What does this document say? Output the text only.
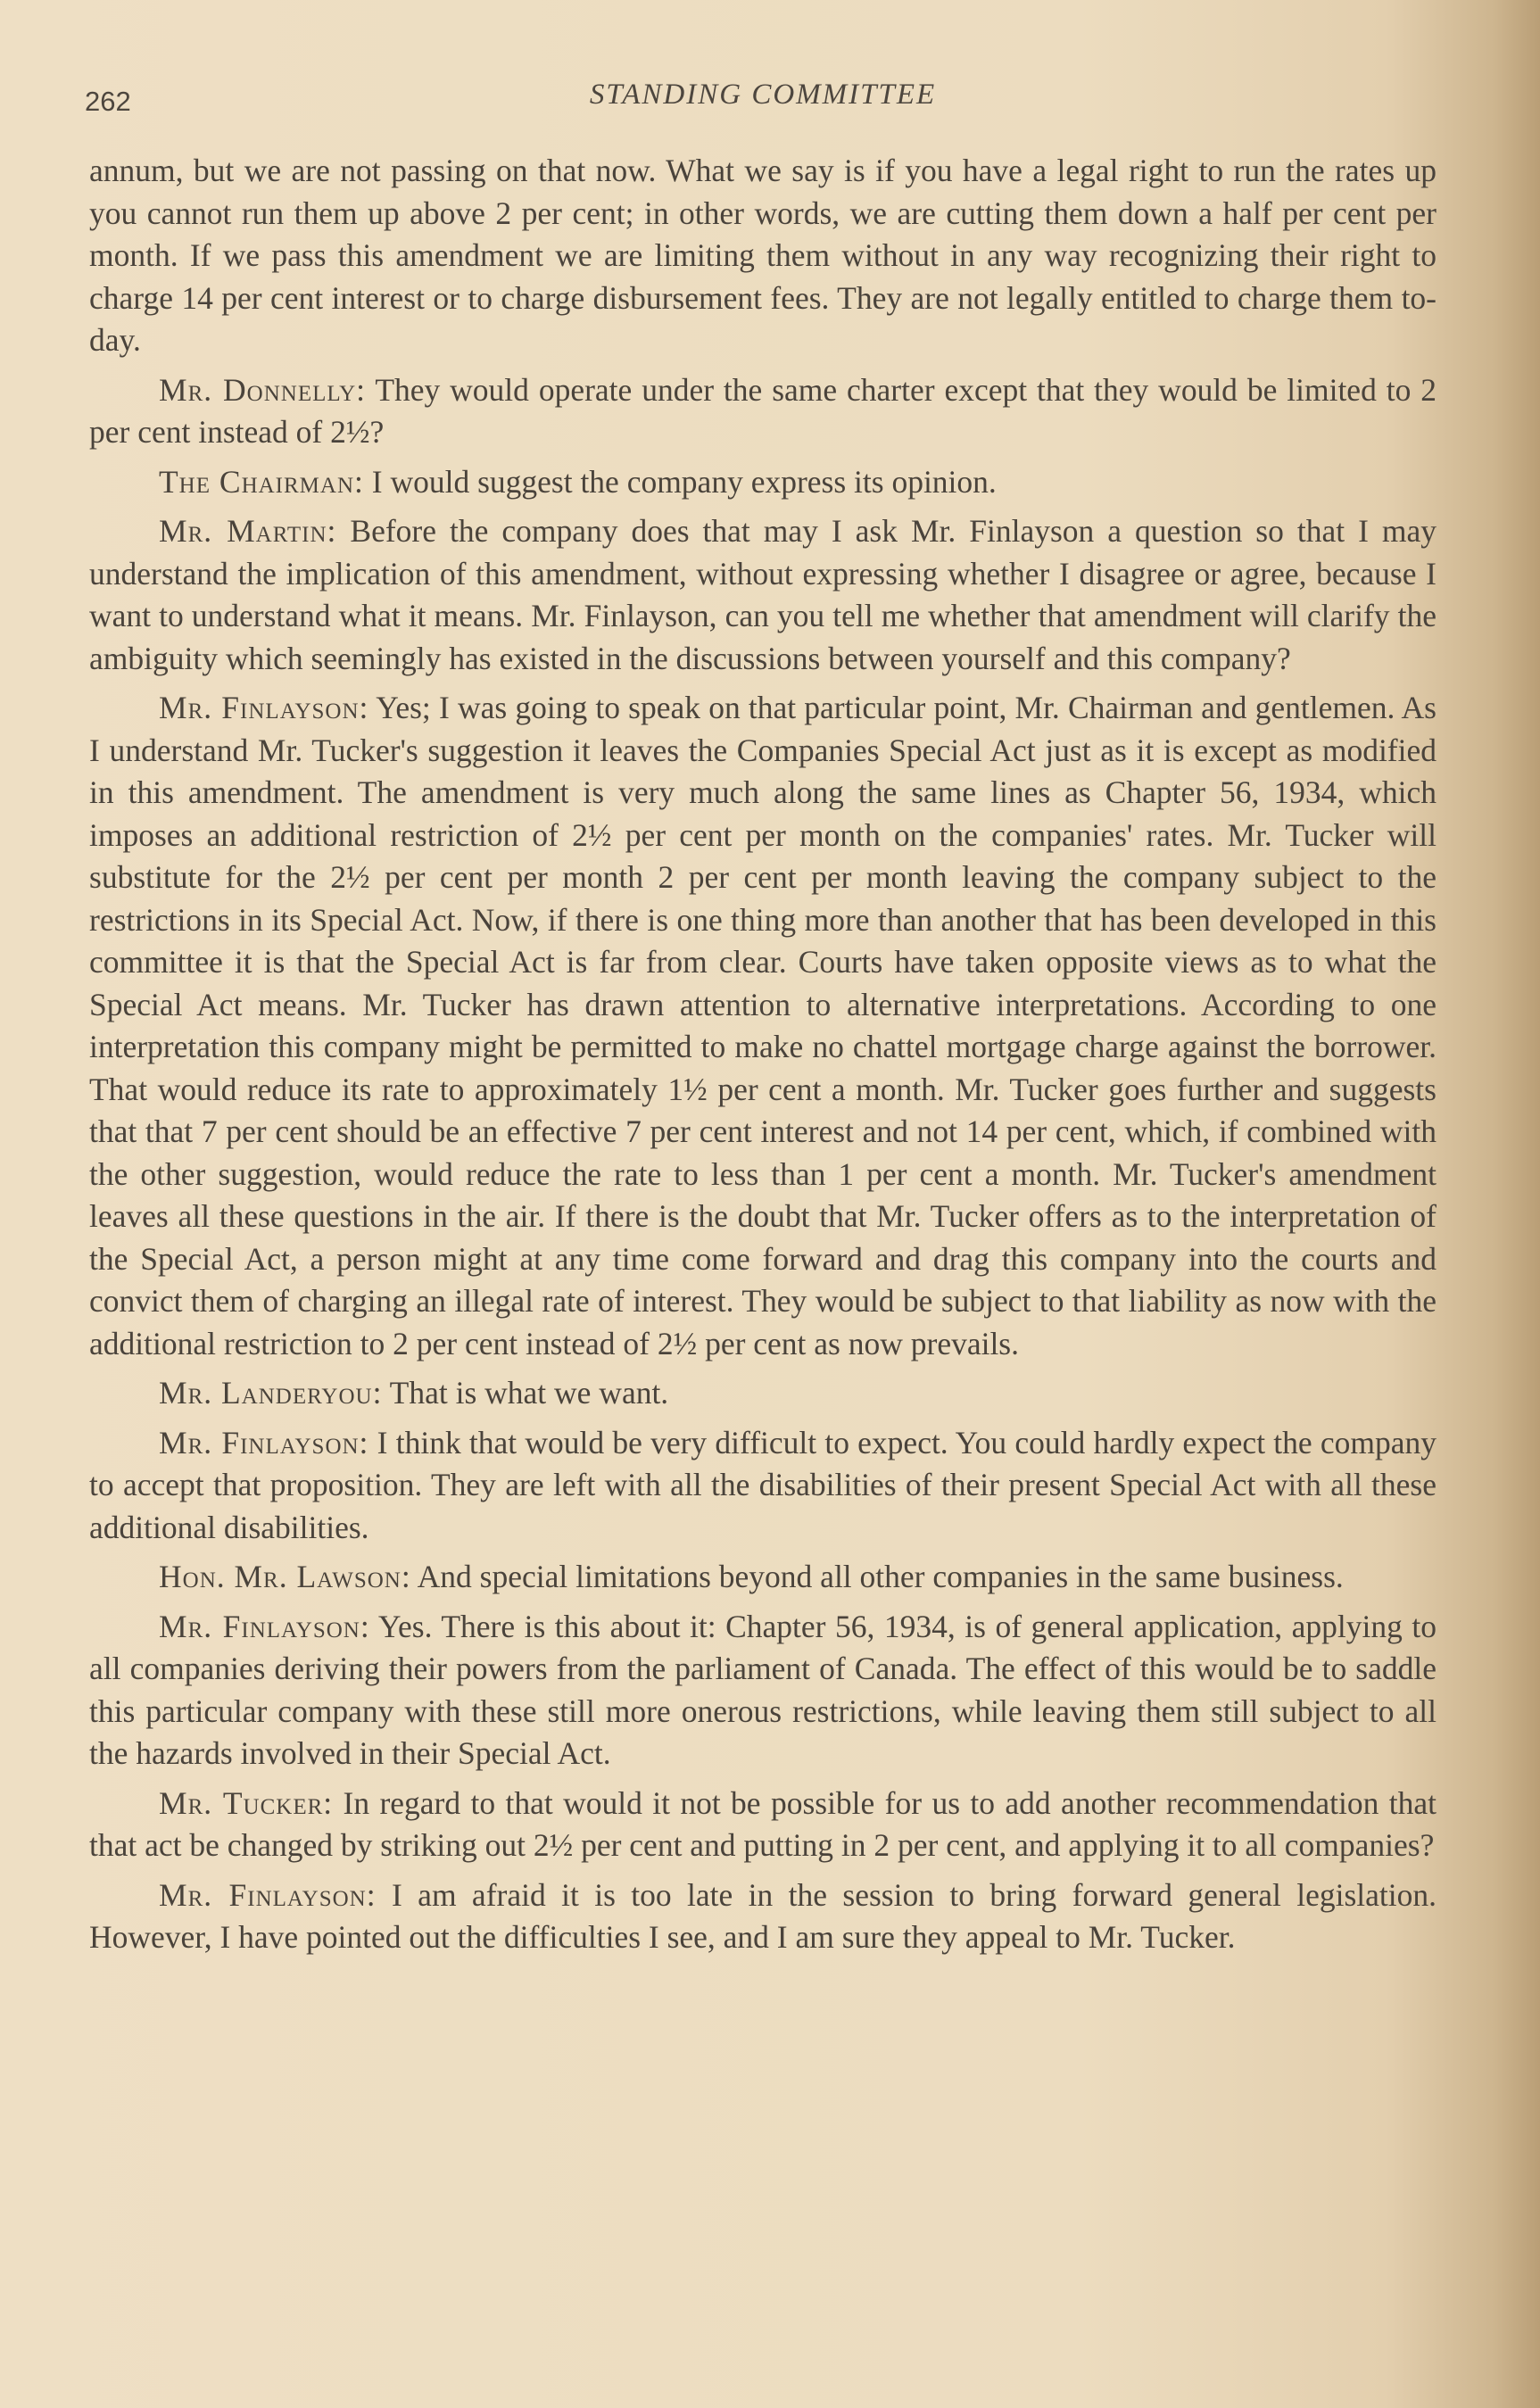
262	STANDING COMMITTEE

annum, but we are not passing on that now. What we say is if you have a legal right to run the rates up you cannot run them up above 2 per cent; in other words, we are cutting them down a half per cent per month. If we pass this amendment we are limiting them without in any way recognizing their right to charge 14 per cent interest or to charge disbursement fees. They are not legally entitled to charge them to-day.

Mr. Donnelly: They would operate under the same charter except that they would be limited to 2 per cent instead of 2½?

The Chairman: I would suggest the company express its opinion.

Mr. Martin: Before the company does that may I ask Mr. Finlayson a question so that I may understand the implication of this amendment, without expressing whether I disagree or agree, because I want to understand what it means. Mr. Finlayson, can you tell me whether that amendment will clarify the ambiguity which seemingly has existed in the discussions between yourself and this company?

Mr. Finlayson: Yes; I was going to speak on that particular point, Mr. Chairman and gentlemen. As I understand Mr. Tucker's suggestion it leaves the Companies Special Act just as it is except as modified in this amendment. The amendment is very much along the same lines as Chapter 56, 1934, which imposes an additional restriction of 2½ per cent per month on the companies' rates. Mr. Tucker will substitute for the 2½ per cent per month 2 per cent per month leaving the company subject to the restrictions in its Special Act. Now, if there is one thing more than another that has been developed in this committee it is that the Special Act is far from clear. Courts have taken opposite views as to what the Special Act means. Mr. Tucker has drawn attention to alternative interpretations. According to one interpretation this company might be permitted to make no chattel mortgage charge against the borrower. That would reduce its rate to approximately 1½ per cent a month. Mr. Tucker goes further and suggests that that 7 per cent should be an effective 7 per cent interest and not 14 per cent, which, if combined with the other suggestion, would reduce the rate to less than 1 per cent a month. Mr. Tucker's amendment leaves all these questions in the air. If there is the doubt that Mr. Tucker offers as to the interpretation of the Special Act, a person might at any time come forward and drag this company into the courts and convict them of charging an illegal rate of interest. They would be subject to that liability as now with the additional restriction to 2 per cent instead of 2½ per cent as now prevails.

Mr. Landeryou: That is what we want.

Mr. Finlayson: I think that would be very difficult to expect. You could hardly expect the company to accept that proposition. They are left with all the disabilities of their present Special Act with all these additional disabilities.

Hon. Mr. Lawson: And special limitations beyond all other companies in the same business.

Mr. Finlayson: Yes. There is this about it: Chapter 56, 1934, is of general application, applying to all companies deriving their powers from the parliament of Canada. The effect of this would be to saddle this particular company with these still more onerous restrictions, while leaving them still subject to all the hazards involved in their Special Act.

Mr. Tucker: In regard to that would it not be possible for us to add another recommendation that that act be changed by striking out 2½ per cent and putting in 2 per cent, and applying it to all companies?

Mr. Finlayson: I am afraid it is too late in the session to bring forward general legislation. However, I have pointed out the difficulties I see, and I am sure they appeal to Mr. Tucker.
